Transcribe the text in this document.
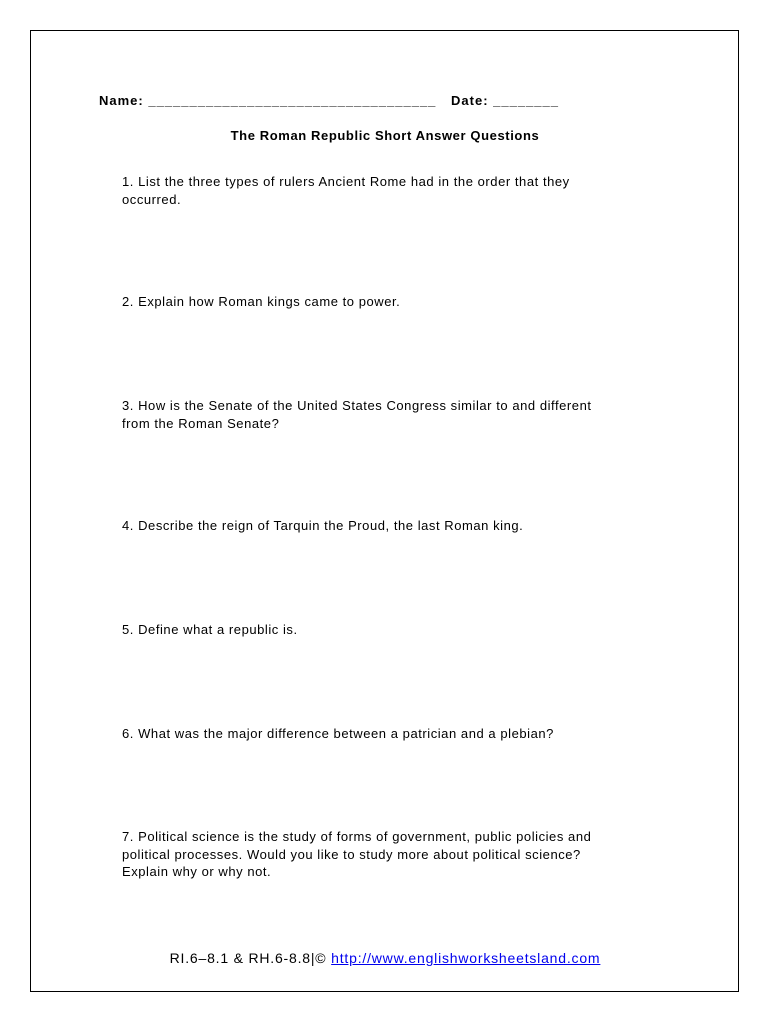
Name: ___________________________________ Date: ________
The Roman Republic Short Answer Questions

1. List the three types of rulers Ancient Rome had in the order that they
occurred.

2. Explain how Roman kings came to power.

3. How is the Senate of the United States Congress similar to and different
from the Roman Senate?

4. Describe the reign of Tarquin the Proud, the last Roman king.

5. Define what a republic is.

6. What was the major difference between a patrician and a plebian?

7. Political science is the study of forms of government, public policies and
political processes. Would you like to study more about political science?
Explain why or why not.

RI.6–8.1 & RH.6-8.8|© http://www.englishworksheetsland.com
